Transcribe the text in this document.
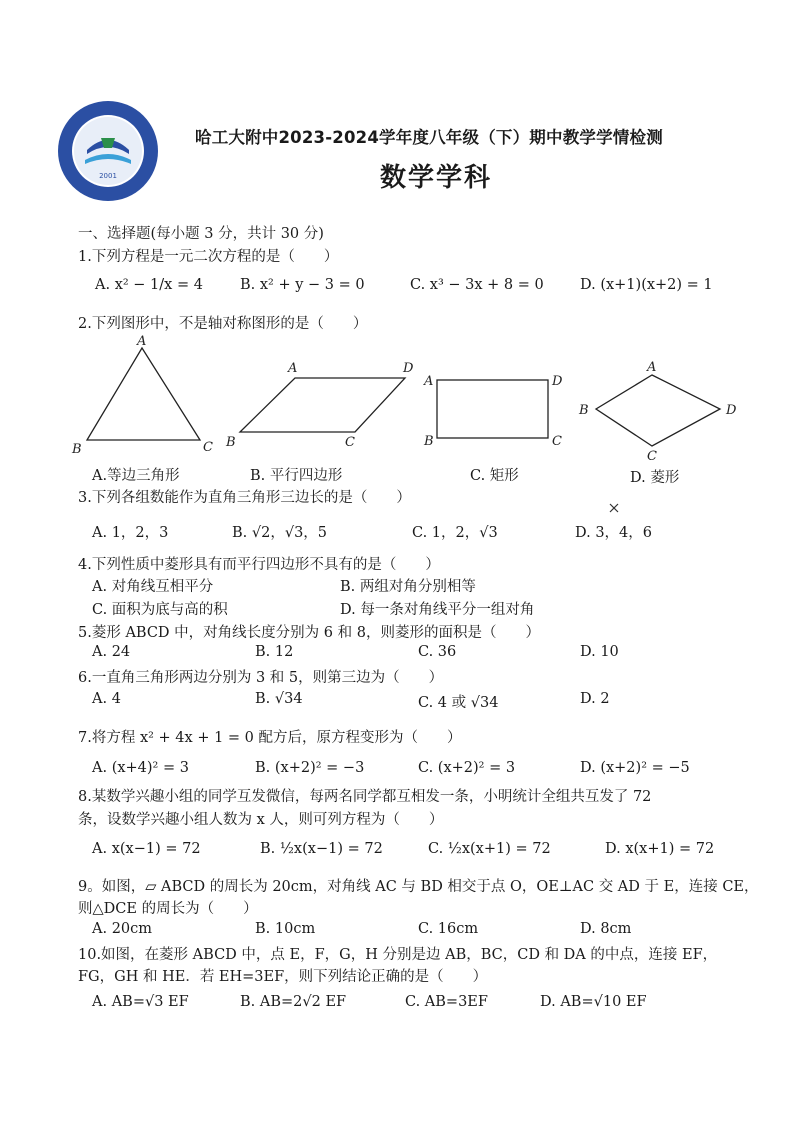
2001
哈工大附中2023-2024学年度八年级（下）期中教学学情检测
数学学科
一、选择题(每小题 3 分，共计 30 分)
1.下列方程是一元二次方程的是（　　）
A. x² − 1/x = 4	B. x² + y − 3 = 0	C. x³ − 3x + 8 = 0	D. (x+1)(x+2) = 1
2.下列图形中，不是轴对称图形的是（　　）
A
B	C
A	D
B	C
A	D
B	C
A
B	D
C
A.等边三角形	B. 平行四边形	C. 矩形	D. 菱形
3.下列各组数能作为直角三角形三边长的是（　　）
A. 1，2，3	B. √2，√3，5	C. 1，2，√3	D. 3，4，6
4.下列性质中菱形具有而平行四边形不具有的是（　　）
A. 对角线互相平分	B. 两组对角分别相等
C. 面积为底与高的积	D. 每一条对角线平分一组对角
5.菱形 ABCD 中，对角线长度分别为 6 和 8，则菱形的面积是（　　）
A. 24	B. 12	C. 36	D. 10
6.一直角三角形两边分别为 3 和 5，则第三边为（　　）
A. 4	B. √34	C. 4 或 √34	D. 2
7.将方程 x² + 4x + 1 = 0 配方后，原方程变形为（　　）
A. (x+4)² = 3	B. (x+2)² = −3	C. (x+2)² = 3	D. (x+2)² = −5
8.某数学兴趣小组的同学互发微信，每两名同学都互相发一条，小明统计全组共互发了 72
条，设数学兴趣小组人数为 x 人，则可列方程为（　　）
A. x(x−1) = 72	B. ½x(x−1) = 72	C. ½x(x+1) = 72	D. x(x+1) = 72
9。如图，▱ ABCD 的周长为 20cm，对角线 AC 与 BD 相交于点 O，OE⊥AC 交 AD 于 E，连接 CE，
则△DCE 的周长为（　　）
A. 20cm	B. 10cm	C. 16cm	D. 8cm
10.如图，在菱形 ABCD 中，点 E，F，G，H 分别是边 AB，BC，CD 和 DA 的中点，连接 EF，
FG，GH 和 HE．若 EH=3EF，则下列结论正确的是（　　）
A. AB=√3 EF	B. AB=2√2 EF	C. AB=3EF	D. AB=√10 EF
